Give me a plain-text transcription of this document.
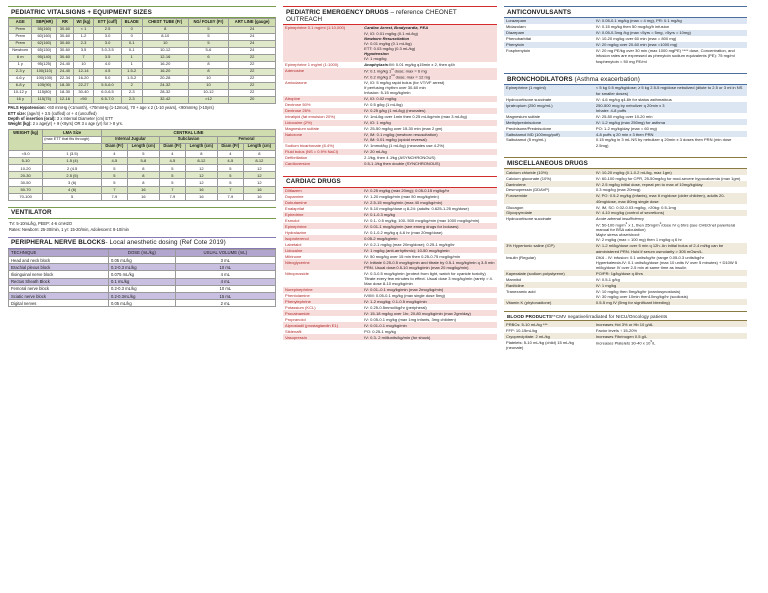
PEDIATRIC VITALSIGNS + EQUIPMENT SIZES
AGE	SBP(HR)	RR	Wt (kg)	ETT (cuff)	BLADE	CHEST TUBE (Fr)	NG/ FOLEY (Fr)	ART LINE (gauge)
Prem	55(160)	30-60	< 1	2.5	0	8	5	24
Prem	60(160)	30-60	1-2	3.0	0	8-10	5	24
Prem	62(160)	30-60	2-3	3.0	0-1	10	5	24
Newborn	65(150)	30-60	3.5	3.0-3.5	0-1	10-12	5-6	24
6 m	95(140)	30-60	7	3.5	1	12-16	6	22
1 y	95(125)	24-40	10	4.0	1	16-20	8	22
2-3 y	100(110)	24-40	12-14	4.5	1.5-2	16-20	8	22
4-6 y	100(100)	22-34	16-20	5.0	1.5-2	20-28	10	22
6-8 y	105(90)	18-30	22-27	5.5-6.0	2	24-32	10	22
10-12 y	115(80)	18-30	30-40	6.0-6.5	2-3	28-32	10-12	22
16 y	115(75)	12-16	>50	6.5-7.0	2-3	32-42	>12	20
PALS Hypotension: <60 mmHg (<1month), <70mmHg (1-12mos), 70 + age x 2 (1-10 years), <90mmHg (>10yrs)
ETT size: (age/4) + 3.5 (cuffed) or + 4 (uncuffed)
Depth of insertion (oral): 3 x Internal Diameter (cm) ETT
Weight (kg): 2 x age(yr) + 9 (<8yrs) OR 3 x age (yr) for > 8 yrs.
WEIGHT (kg)	LMA Size	CENTRAL LINE					
	(max ETT that fits through)	Internal Jugular		Subclavian		Femoral	
		Diam (Fr)	Length (cm)	Diam (Fr)	Length (cm)	Diam (Fr)	Length (cm)
<5.0	1 (3.5)	4	5	4	8	4	8
5-10	1.5 (4)	4-5	5-8	4-5	8-12	4-5	8-12
10-20	2 (4.5	5	8	5	12	5	12
20-30	2.5 (5)	5	8	5	12	5	12
30-50	3 (6)	5	8	5	12	5	12
50-70	4 (6)	7	16	7	16	7	16
70-100	5	7-9	16	7-9	16	7-9	16
VENTILATOR
TV: 5-10mL/kg, PEEP: 4-6 cmH2O
Rates: Newborn: 25-30/min, 1 yr: 15-20/min, Adolescent: 8-10/min
PERIPHERAL NERVE BLOCKS- Local anesthetic dosing (Ref Cote 2019)
TECHNIQUE	DOSE (mL/kg)	USUAL VOLUME (mL)
Head and neck block	0.05 mL/kg	3 mL
Brachial plexus block	0.2-0.3 mL/kg	10 mL
Ilioinguinal nerve block	0.075 mL/kg	4 mL
Rectus Sheath Block	0.1 mL/kg	4 mL
Femoral nerve block	0.2-0.3 mL/kg	10 mL
Sciatic nerve block	0.2-0.3mL/kg	15 mL
Digital nerves	0.05 mL/kg	2 mL
PEDIATRIC EMERGENCY DRUGS – reference CHEONET OUTREACH
Epinephrine 0.1 mg/ml (1:10,000)	Cardiac Arrest, Bradycardia, PEA
IV, IO: 0.01 mg/kg (0.1 mL/kg)
Newborn Resuscitation
IV: 0.01 mg/kg (0.1 mL/kg)
ETT: 0.03 mg/kg (0.3 mL/kg)
Hypotension
IV: 1 mcg/kg
Epinephrine 1 mg/ml (1:1000)	Anaphylaxis:IM: 0.01 mg/kg q15min x 2, then q4h
Adenosine	IV: 0.1 mg/kg 1st dose; max = 6 mg
IV: 0.2 mg/kg 2nd dose; max = 12 mg
Amiodarone	IV, IO: 5 mg/kg rapid bolus (for VT/VF arrest)
If perfusing rhythm over 30-60 min
Infusion: 5-15 mcg/kg/min
Atropine	IV, IO: 0.02 mg/kg
Dextrose 50%	IV: 0.5 g/kg (1 mL/kg)
Dextrose 25%	IV: 0.25 g/kg (1 mL/kg) (neonates)
Intralipid (fat emulsion 20%)	IV: 1mL/kg over 1min then 0.25 mL/kg/min (max 3 mL/kg)
Lidocaine (2%)	IV, IO: 1 mg/kg
Magnesium sulfate	IV: 25-50 mg/kg over 15-30 min (max 2 gm)
Naloxone	IV, IM: 0.1 mg/kg (newborn resuscitation)
IV, IM: 0.01 mg/kg (opioid reversal)
Sodium bicarbonate (8.4%)	IV: 1mmol/kg (1 mL/kg) (neonates use 4.2%)
Fluid bolus (NS = 0.9% NaCl)	IV: 20 mL/kg
Defibrillation	2 J/kg, then 4 J/kg (ASYNCHRONOUS)
Cardioversion	0.5-1 J/kg then double (SYNCHRONOUS)
CARDIAC DRUGS
Diltiazem	IV: 0.25 mg/kg (max 20mg); 0.05-0.15 mg/kg/hr
Dopamine	IV: 1-20 mcg/kg/min (max 50 mcg/kg/min)
Dobutamine	IV: 2.5-15 mcg/kg/min (max 40 mcg/kg/min)
Enalaprilat	IV: 5-10 mcg/kg/dose q 8-24: (adults: 0.625-1.25 mg/dose)
Ephedrine	IV: 0.1-0.3 mg/kg
Esmolol	IV: 0.1- 0.5 mg/kg; 100- 500 mcg/kg/min (max 1000 mcg/kg/min)
Epinephrine	IV: 0.01-1 mcg/kg/min (see emerg drugs for boluses)
Hydralazine	IV: 0.1-0.2 mg/kg q 4-6 hr (max 20mg/dose)
Isoproterenol	0.05-2 mcg/kg/min
Labetalol	IV: 0.2-1 mg/kg (max 20mg/dose); 0.25-1 mg/kg/hr
Lidocaine	IV: 1 mg/kg (anti-arrhythmic); 10-50 mcg/kg/min
Milrinone	IV: 50 mcg/kg over 15 min then 0.25-0.75 mcg/kg/min
Nitroglycerine	IV: Initiate 0.25-0.5 mcg/kg/min and titrate by 0.5-1 mcg/kg/min q 3-5 min PRN. Usual dose:0.5-10 mcg/kg/min (max 20 mcg/kg/min)
Nitroprusside	IV: 0.3-0.5 mcg/kg/min (protect from light, watch for cyanide toxicity) Titrate every few minutes to effect. Usual dose 3 mcg/kg/min (rarely > 4. Max dose 8-10 mcg/kg/min
Norepinephrine	IV: 0.01–0.1 mcg/kg/min (max 2mcg/kg/min)
Phentolamine	IV/IM: 0.05-0.1 mg/kg (max single dose 5mg)
Phenylephrine	IV: 1-2 mcg/kg; 0.1-0.5 mcg/kg/min
Potassium (KCL)	IV: 0.25-0.5mmol/kg/hr (peripheral)
Procainamide	IV: 15-18 mg/kg over 1hr, 20-80 mcg/kg/min (max 2gm/day)
Propranolol	IV: 0.05-0.1 mg/kg (max 1mg infants, 3mg children)
Alprostadil (prostaglandin E1)	IV: 0.01-0.1 mcg/kg/min
Sildenafil	PO: 0.25-1 mg/kg
Vasopressin	IV: 0.3- 2 milliunits/kg/min (for shock)
ANTICONVULSANTS
Lorazepam	IV: 0.05-0.1 mg/kg (max = 4 mg), PR: 0.1 mg/kg
Midazolam	IV: 0.15 mg/kg then 50 mcg/kg/h infusion
Diazepam	IV: 0.05-0.3mg /kg (max <5yrs = 5mg, >5yrs = 10mg)
Phenobarbital	IV: 10-20 mg/kg over 60 min (max = 800 mg)
Phenytoin	IV: 20 mg/kg over 20-60 min (max =1000 mg)
Fosphenytoin	IV: 20 mg PE/kg over 30 min (max 1000 mgPE) **** dose, Concentration, and infusion rates are expressed as phenytoin sodium equivalents (PE): 75 mg/ml fosphenytoin = 50 mg PE/ml
BRONCHODILATORS (Asthma exacerbation)
Epinephrine (1 mg/ml)	< 5 kg 0.5 mg/kg/dose; ≥ 5 kg 2.5-5 mg/dose nebulized (dilute to 2.5 or 3 ml in NS for smaller doses)
Hydrocortisone succinate	IV: 4-6 mg/kg q4-6h for status asthmaticus
Ipratropium (250 mcg/mL)	250-500 mcg by nebulizer q 20min x 3
Inhaler: 4-8 puffs
Magnesium sulfate	IV: 25-50 mg/kg over 10-20 min
Methylprednisolone	IV: 1-2 mg/kg (max 250mg) for asthma
Prednisone/Prednisolone	PO: 1-2 mg/kg/day (max = 60 mg)
Salbutamol MD (100mcg/puff)	4-8 puffs q 20 min x 3 then PRN
Salbutamol (5 mg/mL)	0.15 mg/kg in 3 mL NS by nebulizer q 20min x 3 doses then PRN (min dose 2.5mg)
MISCELLANEOUS DRUGS
Calcium chloride (10%)	IV: 10-20 mg/kg (0.1-0.2 mL/kg, max 1gm)
Calcium gluconate (10%)	IV: 60-100 mg/kg for CPR, 25-50mg/kg for mod-severe hypocalcemia (max 1gm)
Dantrolene	IV: 2.5 mg/kg initial dose, repeat prn to max of 10mg/kg/day
Desmopressin (DDAVP)	0.3 mcg/kg (max 20mcg)
Furosemide	IV, PO: 0.5-2 mg/kg (infants), max 6 mg/dose (older children), adults 20-40mg/dose, max 80mg single dose
Glucagon	IV, IM, SC: 0.02-0.03 mg/kg, >20kg: 0.5-1mg
Glycopyrrolate	IV: 4-10 mcg/kg (control of secretions)
Hydrocortisone succinate	Acute adrenal insufficiency
IV: 50-100 $mg/m^2$ x 1, then $25mg/m^2$/dose IV q 6hrs (see CHEOnet parenteral manual for BSA calculation)
Major stress dose/shock
IV: 2 mg/kg (max = 100 mg) then 1 mg/kg q 6 hr
3% Hypertonic saline (ICP)	IV: 1-2 ml/kg/dose over 5 min q 12h. An initial bolus of 2-4 ml/kg can be administered PRN. Hold if serum osmolarity > 305 mOsm/L.
Insulin (Regular)	DKA - IV: infusion: 0.1 units/kg/hr (range 0.05-0.3 units/kg/hr
Hyperkalemia-IV: 0.1 units/kg/dose (max 10 units IV over 5 minutes) + D10W 5 ml/kg/dose IV over 2-5 min at same time as insulin
Kayexalate (sodium polystyrene)	PO/PR: 1g/kg/dose q 6hrs
Mannitol	IV: 0.5-1 g/kg
Ranitidine	IV: 1 mg/kg
Tranexamic acid	IV: 10 mg/kg then 5mg/kg/hr (craniosynostosis)
IV: 30 mg/kg over 10min then10mg/kg/hr (scoliosis)
Vitamin K (phytonadione)	0.5-5 mg IV (5mg for significant bleeding)
BLOOD PRODUCTS**CMV negative/irradiated for NICU/Oncology patients
PRBCs: 5-10 mL/kg ***	Increases Hct 3% or Hb 10 g/dL
FFP: 10-15mL/kg	Factor levels ↑ 15-20%
Cryoprecipitate: 2 mL/kg	Increases Fibrinogen 0.5 g/L
Platelets: 5-10 mL/kg (child) 15 mL/kg (neonate)	Increases Platelets 30-40 x $10^9/L$
